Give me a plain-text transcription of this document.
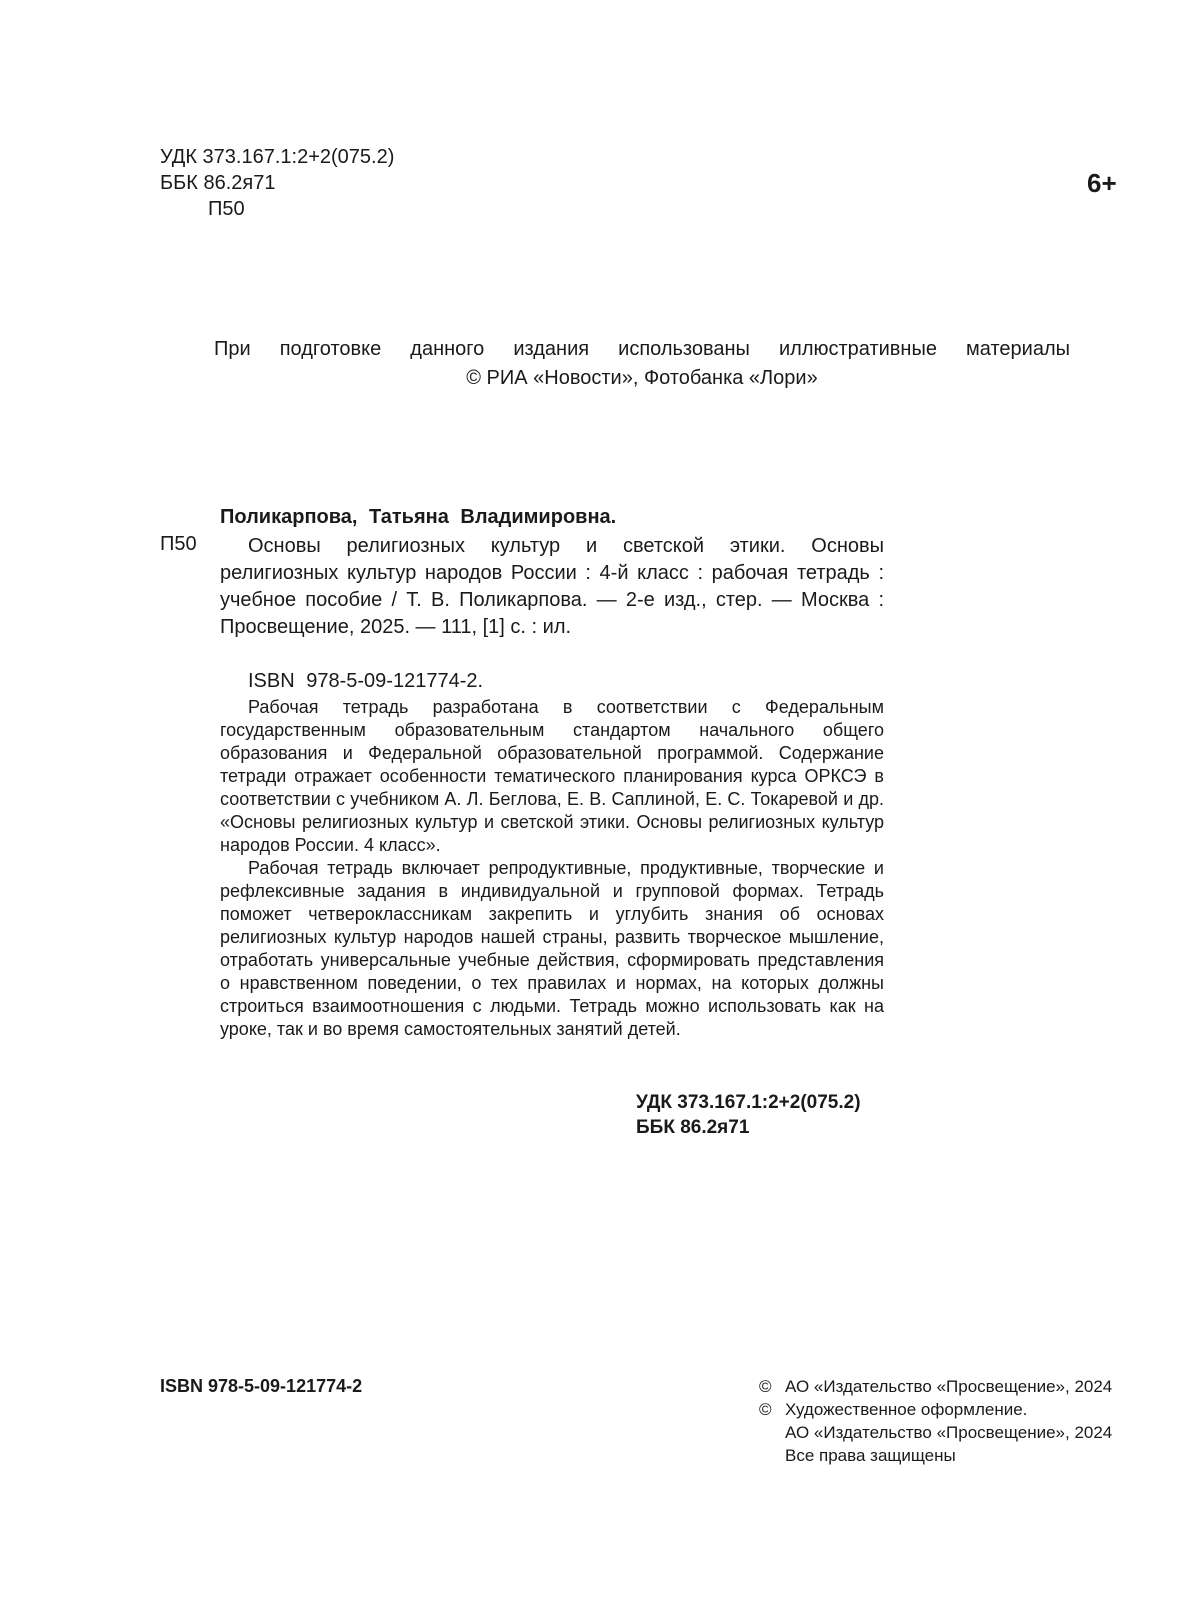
УДК 373.167.1:2+2(075.2)
ББК 86.2я71
П50
6+
При подготовке данного издания использованы иллюстративные материалы
© РИА «Новости», Фотобанка «Лори»
Поликарпова, Татьяна Владимировна.
П50	Основы религиозных культур и светской этики. Основы религиозных культур народов России : 4-й класс : рабочая тетрадь : учебное пособие / Т. В. Поликарпова. — 2-е изд., стер. — Москва : Просвещение, 2025. — 111, [1] с. : ил.
ISBN 978-5-09-121774-2.

Рабочая тетрадь разработана в соответствии с Федеральным государственным образовательным стандартом начального общего образования и Федеральной образовательной программой. Содержание тетради отражает особенности тематического планирования курса ОРКСЭ в соответствии с учебником А. Л. Беглова, Е. В. Саплиной, Е. С. Токаревой и др. «Основы религиозных культур и светской этики. Основы религиозных культур народов России. 4 класс».

Рабочая тетрадь включает репродуктивные, продуктивные, творческие и рефлексивные задания в индивидуальной и групповой формах. Тетрадь поможет четвероклассникам закрепить и углубить знания об основах религиозных культур народов нашей страны, развить творческое мышление, отработать универсальные учебные действия, сформировать представления о нравственном поведении, о тех правилах и нормах, на которых должны строиться взаимоотношения с людьми. Тетрадь можно использовать как на уроке, так и во время самостоятельных занятий детей.

УДК 373.167.1:2+2(075.2)
ББК 86.2я71
ISBN 978-5-09-121774-2	© АО «Издательство «Просвещение», 2024
© Художественное оформление.
АО «Издательство «Просвещение», 2024
Все права защищены
